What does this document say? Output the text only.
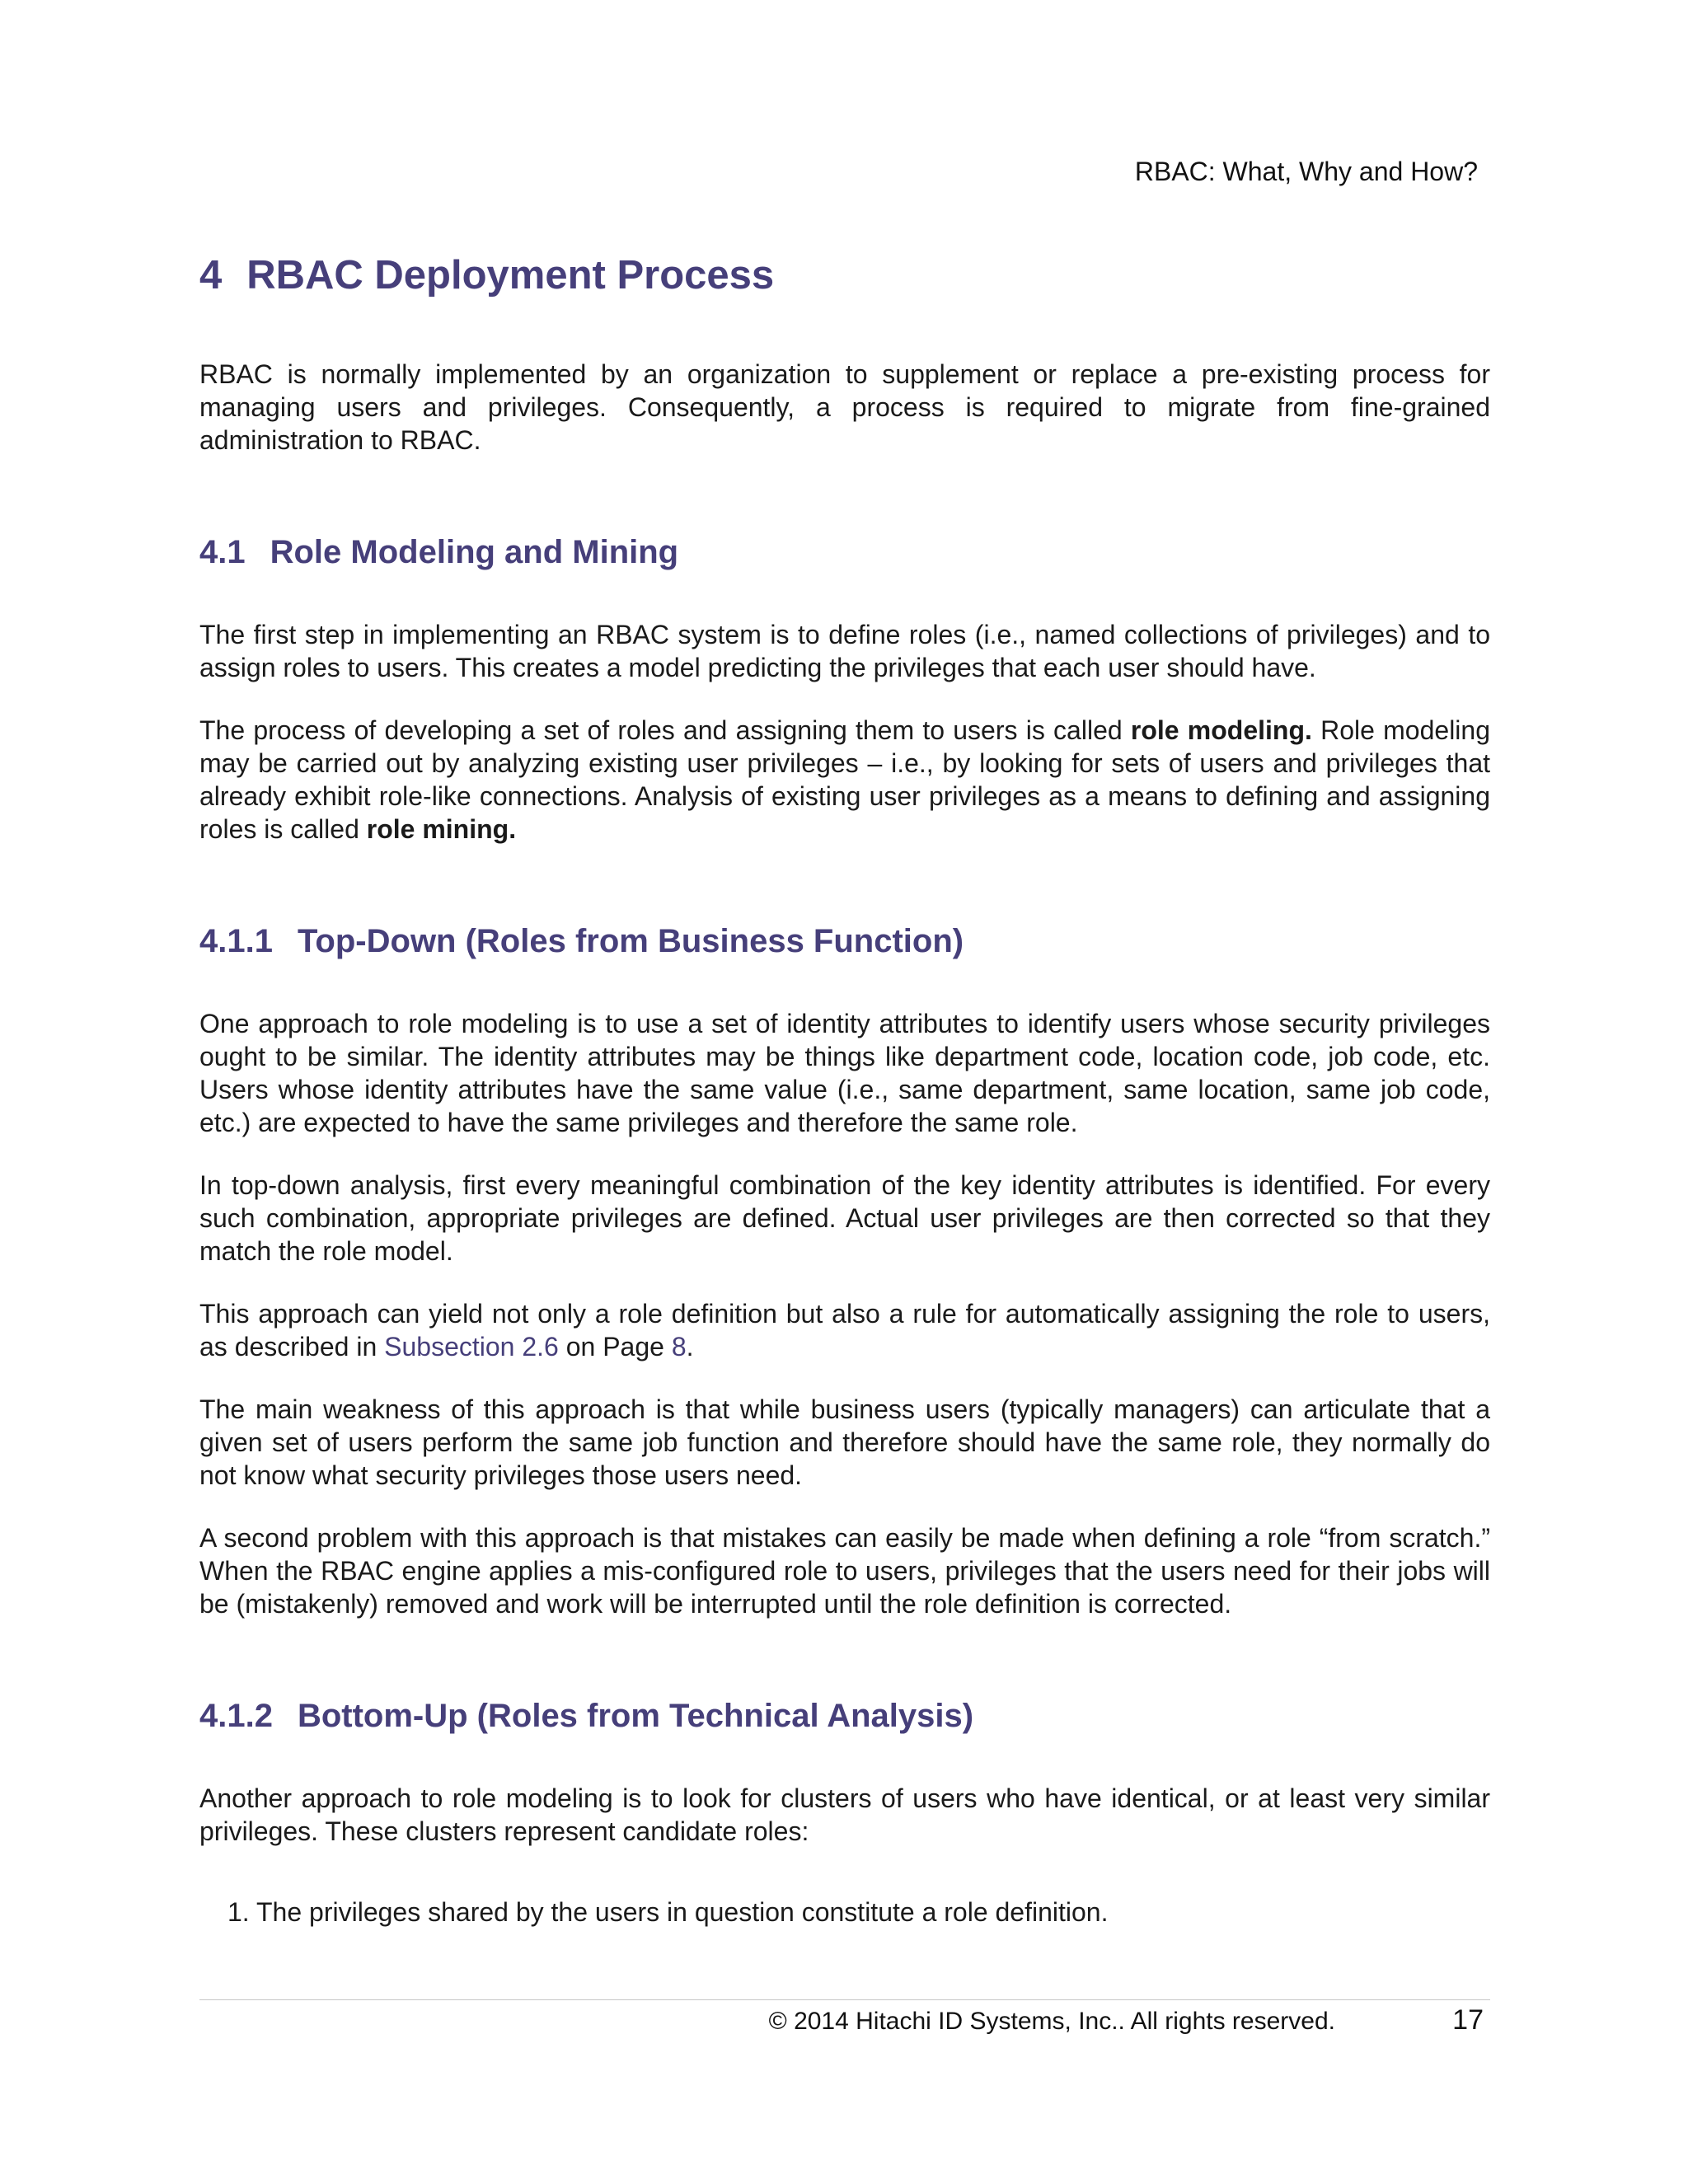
RBAC: What, Why and How?
4 RBAC Deployment Process

RBAC is normally implemented by an organization to supplement or replace a pre-existing process for managing users and privileges. Consequently, a process is required to migrate from fine-grained administration to RBAC.

4.1 Role Modeling and Mining

The first step in implementing an RBAC system is to define roles (i.e., named collections of privileges) and to assign roles to users. This creates a model predicting the privileges that each user should have.

The process of developing a set of roles and assigning them to users is called role modeling. Role modeling may be carried out by analyzing existing user privileges – i.e., by looking for sets of users and privileges that already exhibit role-like connections. Analysis of existing user privileges as a means to defining and assigning roles is called role mining.

4.1.1 Top-Down (Roles from Business Function)

One approach to role modeling is to use a set of identity attributes to identify users whose security privileges ought to be similar. The identity attributes may be things like department code, location code, job code, etc. Users whose identity attributes have the same value (i.e., same department, same location, same job code, etc.) are expected to have the same privileges and therefore the same role.

In top-down analysis, first every meaningful combination of the key identity attributes is identified. For every such combination, appropriate privileges are defined. Actual user privileges are then corrected so that they match the role model.

This approach can yield not only a role definition but also a rule for automatically assigning the role to users, as described in Subsection 2.6 on Page 8.

The main weakness of this approach is that while business users (typically managers) can articulate that a given set of users perform the same job function and therefore should have the same role, they normally do not know what security privileges those users need.

A second problem with this approach is that mistakes can easily be made when defining a role “from scratch.” When the RBAC engine applies a mis-configured role to users, privileges that the users need for their jobs will be (mistakenly) removed and work will be interrupted until the role definition is corrected.

4.1.2 Bottom-Up (Roles from Technical Analysis)

Another approach to role modeling is to look for clusters of users who have identical, or at least very similar privileges. These clusters represent candidate roles:

1. The privileges shared by the users in question constitute a role definition.
© 2014 Hitachi ID Systems, Inc.. All rights reserved.	17
